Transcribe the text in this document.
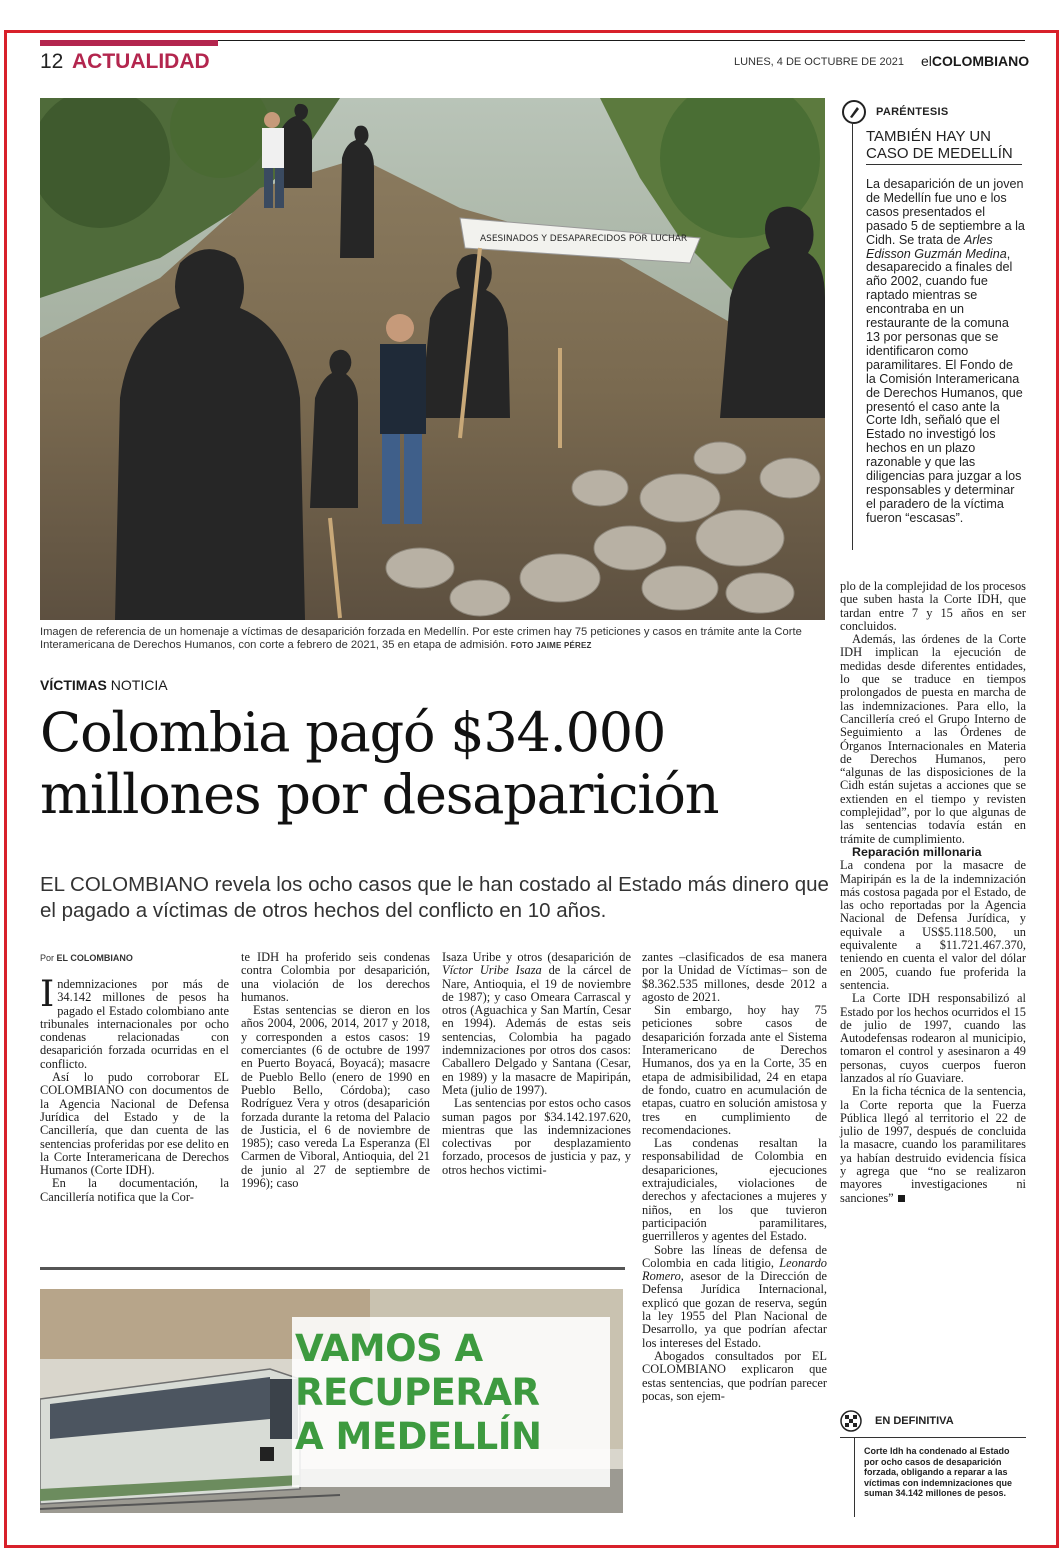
12 ACTUALIDAD	LUNES, 4 DE OCTUBRE DE 2021 elCOLOMBIANO
ASESINADOS Y DESAPARECIDOS POR LUCHAR
Imagen de referencia de un homenaje a víctimas de desaparición forzada en Medellín. Por este crimen hay 75 peticiones y casos en trámite ante la Corte Interamericana de Derechos Humanos, con corte a febrero de 2021, 35 en etapa de admisión. FOTO JAIME PÉREZ
VÍCTIMAS NOTICIA
Colombia pagó $34.000
millones por desaparición
EL COLOMBIANO revela los ocho casos que le han costado al Estado más dinero que el pagado a víctimas de otros hechos del conflicto en 10 años.
Por EL COLOMBIANO

Indemnizaciones por más de 34.142 millones de pesos ha pagado el Estado colombiano ante tribunales internacionales por ocho condenas relacionadas con desaparición forzada ocurridas en el conflicto.

Así lo pudo corroborar EL COLOMBIANO con documentos de la Agencia Nacional de Defensa Jurídica del Estado y de la Cancillería, que dan cuenta de las sentencias proferidas por ese delito en la Corte Interamericana de Derechos Humanos (Corte IDH).

En la documentación, la Cancillería notifica que la Cor-

te IDH ha proferido seis condenas contra Colombia por desaparición, una violación de los derechos humanos.

Estas sentencias se dieron en los años 2004, 2006, 2014, 2017 y 2018, y corresponden a estos casos: 19 comerciantes (6 de octubre de 1997 en Puerto Boyacá, Boyacá); masacre de Pueblo Bello (enero de 1990 en Pueblo Bello, Córdoba); caso Rodríguez Vera y otros (desaparición forzada durante la retoma del Palacio de Justicia, el 6 de noviembre de 1985); caso vereda La Esperanza (El Carmen de Viboral, Antioquia, del 21 de junio al 27 de septiembre de 1996); caso

Isaza Uribe y otros (desaparición de Víctor Uribe Isaza de la cárcel de Nare, Antioquia, el 19 de noviembre de 1987); y caso Omeara Carrascal y otros (Aguachica y San Martín, Cesar en 1994). Además de estas seis sentencias, Colombia ha pagado indemnizaciones por otros dos casos: Caballero Delgado y Santana (Cesar, en 1989) y la masacre de Mapiripán, Meta (julio de 1997).

Las sentencias por estos ocho casos suman pagos por $34.142.197.620, mientras que las indemnizaciones colectivas por desplazamiento forzado, procesos de justicia y paz, y otros hechos victimi-

zantes –clasificados de esa manera por la Unidad de Víctimas– son de $8.362.535 millones, desde 2012 a agosto de 2021.

Sin embargo, hoy hay 75 peticiones sobre casos de desaparición forzada ante el Sistema Interamericano de Derechos Humanos, dos ya en la Corte, 35 en etapa de admisibilidad, 24 en etapa de fondo, cuatro en acumulación de etapas, cuatro en solución amistosa y tres en cumplimiento de recomendaciones.

Las condenas resaltan la responsabilidad de Colombia en desapariciones, ejecuciones extrajudiciales, violaciones de derechos y afectaciones a mujeres y niños, en los que tuvieron participación paramilitares, guerrilleros y agentes del Estado.

Sobre las líneas de defensa de Colombia en cada litigio, Leonardo Romero, asesor de la Dirección de Defensa Jurídica Internacional, explicó que gozan de reserva, según la ley 1955 del Plan Nacional de Desarrollo, ya que podrían afectar los intereses del Estado.

Abogados consultados por EL COLOMBIANO explicaron que estas sentencias, que podrían parecer pocas, son ejem-

plo de la complejidad de los procesos que suben hasta la Corte IDH, que tardan entre 7 y 15 años en ser concluidos.

Además, las órdenes de la Corte IDH implican la ejecución de medidas desde diferentes entidades, lo que se traduce en tiempos prolongados de puesta en marcha de las indemnizaciones. Para ello, la Cancillería creó el Grupo Interno de Seguimiento a las Órdenes de Órganos Internacionales en Materia de Derechos Humanos, pero “algunas de las disposiciones de la Cidh están sujetas a acciones que se extienden en el tiempo y revisten complejidad”, por lo que algunas de las sentencias todavía están en trámite de cumplimiento.

Reparación millonaria

La condena por la masacre de Mapiripán es la de la indemnización más costosa pagada por el Estado, de las ocho reportadas por la Agencia Nacional de Defensa Jurídica, y equivale a US$5.118.500, un equivalente a $11.721.467.370, teniendo en cuenta el valor del dólar en 2005, cuando fue proferida la sentencia.

La Corte IDH responsabilizó al Estado por los hechos ocurridos el 15 de julio de 1997, cuando las Autodefensas rodearon al municipio, tomaron el control y asesinaron a 49 personas, cuyos cuerpos fueron lanzados al río Guaviare.

En la ficha técnica de la sentencia, la Corte reporta que la Fuerza Pública llegó al territorio el 22 de julio de 1997, después de concluida la masacre, cuando los paramilitares ya habían destruido evidencia física y agrega que “no se realizaron mayores investigaciones ni sanciones”

VAMOS A
RECUPERAR
A MEDELLÍN
PARÉNTESIS
TAMBIÉN HAY UN CASO DE MEDELLÍN
La desaparición de un joven de Medellín fue uno e los casos presentados el pasado 5 de septiembre a la Cidh. Se trata de Arles Edisson Guzmán Medina, desaparecido a finales del año 2002, cuando fue raptado mientras se encontraba en un restaurante de la comuna 13 por personas que se identificaron como paramilitares. El Fondo de la Comisión Interamericana de Derechos Humanos, que presentó el caso ante la Corte Idh, señaló que el Estado no investigó los hechos en un plazo razonable y que las diligencias para juzgar a los responsables y determinar el paradero de la víctima fueron “escasas”.
EN DEFINITIVA
Corte Idh ha condenado al Estado por ocho casos de desaparición forzada, obligando a reparar a las víctimas con indemnizaciones que suman 34.142 millones de pesos.
